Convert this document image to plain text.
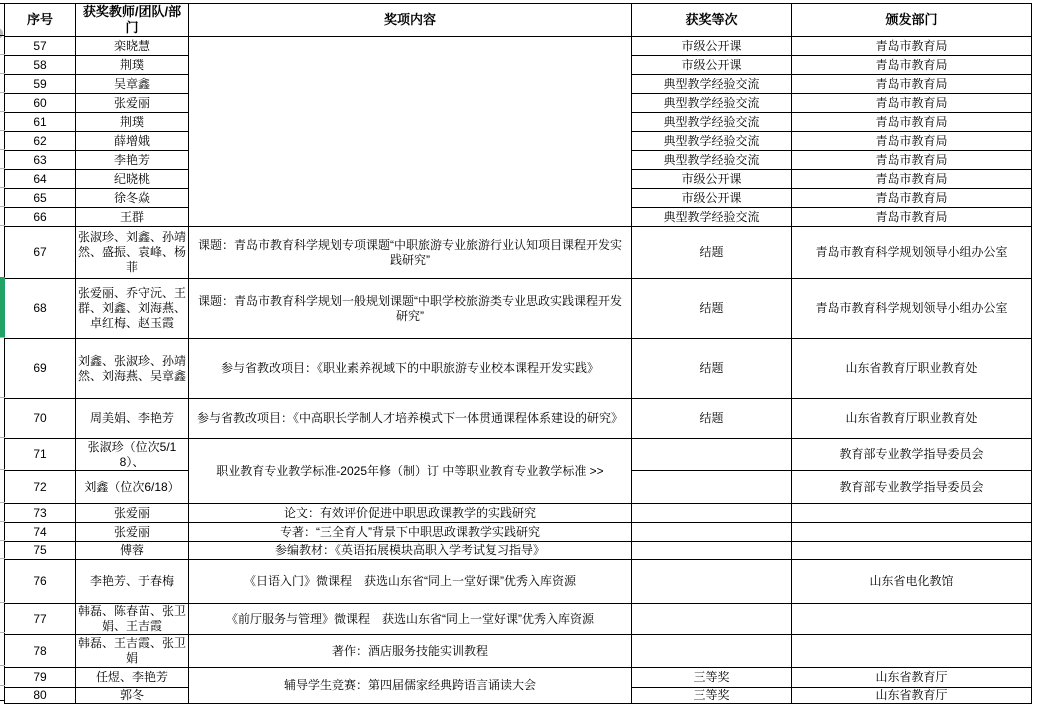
序号	获奖教师/团队/部门	奖项内容	获奖等次	颁发部门
57	栾晓慧		市级公开课	青岛市教育局
58	荆璞		市级公开课	青岛市教育局
59	吴章鑫		典型教学经验交流	青岛市教育局
60	张爱丽		典型教学经验交流	青岛市教育局
61	荆璞		典型教学经验交流	青岛市教育局
62	薛增娥		典型教学经验交流	青岛市教育局
63	李艳芳		典型教学经验交流	青岛市教育局
64	纪晓桃		市级公开课	青岛市教育局
65	徐冬焱		市级公开课	青岛市教育局
66	王群		典型教学经验交流	青岛市教育局
67	张淑珍、刘鑫、孙靖然、盛振、袁峰、杨菲	课题：青岛市教育科学规划专项课题“中职旅游专业旅游行业认知项目课程开发实践研究”	结题	青岛市教育科学规划领导小组办公室
68	张爱丽、乔守沅、王群、刘鑫、刘海燕、卓红梅、赵玉霞	课题：青岛市教育科学规划一般规划课题“中职学校旅游类专业思政实践课程开发研究”	结题	青岛市教育科学规划领导小组办公室
69	刘鑫、张淑珍、孙靖然、刘海燕、吴章鑫	参与省教改项目：《职业素养视域下的中职旅游专业校本课程开发实践》	结题	山东省教育厅职业教育处
70	周美娟、李艳芳	参与省教改项目：《中高职长学制人才培养模式下一体贯通课程体系建设的研究》	结题	山东省教育厅职业教育处
71	张淑珍（位次5/18）、	职业教育专业教学标准-2025年修（制）订 中等职业教育专业教学标准 >>		教育部专业教学指导委员会
72	刘鑫（位次6/18）			教育部专业教学指导委员会
73	张爱丽	论文：有效评价促进中职思政课教学的实践研究		
74	张爱丽	专著：“三全育人”背景下中职思政课教学实践研究		
75	傅蓉	参编教材：《英语拓展模块高职入学考试复习指导》		
76	李艳芳、于春梅	《日语入门》微课程　获选山东省“同上一堂好课”优秀入库资源		山东省电化教馆
77	韩磊、陈春苗、张卫娟、王吉霞	《前厅服务与管理》微课程　获选山东省“同上一堂好课”优秀入库资源		
78	韩磊、王吉霞、张卫娟	著作：酒店服务技能实训教程		
79	任煜、李艳芳	辅导学生竞赛：第四届儒家经典跨语言诵读大会	三等奖	山东省教育厅
80	郭冬		三等奖	山东省教育厅
